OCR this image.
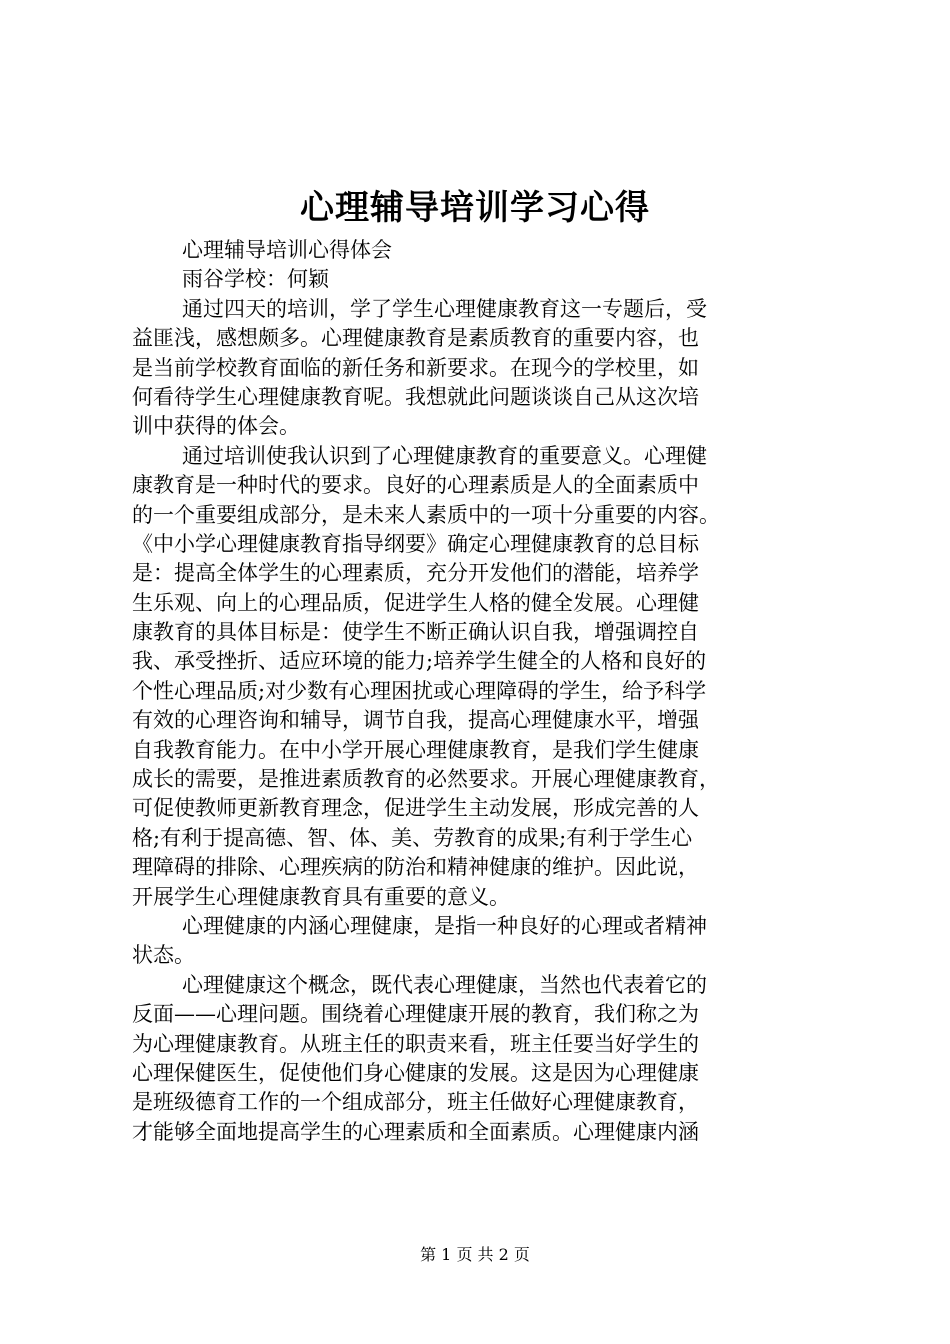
心理辅导培训学习心得
心理辅导培训心得体会
雨谷学校：何颖
通过四天的培训，学了学生心理健康教育这一专题后，受
益匪浅，感想颇多。心理健康教育是素质教育的重要内容，也
是当前学校教育面临的新任务和新要求。在现今的学校里，如
何看待学生心理健康教育呢。我想就此问题谈谈自己从这次培
训中获得的体会。
通过培训使我认识到了心理健康教育的重要意义。心理健
康教育是一种时代的要求。良好的心理素质是人的全面素质中
的一个重要组成部分，是未来人素质中的一项十分重要的内容。
《中小学心理健康教育指导纲要》确定心理健康教育的总目标
是：提高全体学生的心理素质，充分开发他们的潜能，培养学
生乐观、向上的心理品质，促进学生人格的健全发展。心理健
康教育的具体目标是：使学生不断正确认识自我，增强调控自
我、承受挫折、适应环境的能力;培养学生健全的人格和良好的
个性心理品质;对少数有心理困扰或心理障碍的学生，给予科学
有效的心理咨询和辅导，调节自我，提高心理健康水平，增强
自我教育能力。在中小学开展心理健康教育，是我们学生健康
成长的需要，是推进素质教育的必然要求。开展心理健康教育，
可促使教师更新教育理念，促进学生主动发展，形成完善的人
格;有利于提高德、智、体、美、劳教育的成果;有利于学生心
理障碍的排除、心理疾病的防治和精神健康的维护。因此说，
开展学生心理健康教育具有重要的意义。
心理健康的内涵心理健康，是指一种良好的心理或者精神
状态。
心理健康这个概念，既代表心理健康，当然也代表着它的
反面——心理问题。围绕着心理健康开展的教育，我们称之为
为心理健康教育。从班主任的职责来看，班主任要当好学生的
心理保健医生，促使他们身心健康的发展。这是因为心理健康
是班级德育工作的一个组成部分，班主任做好心理健康教育，
才能够全面地提高学生的心理素质和全面素质。心理健康内涵
第 1 页 共 2 页
